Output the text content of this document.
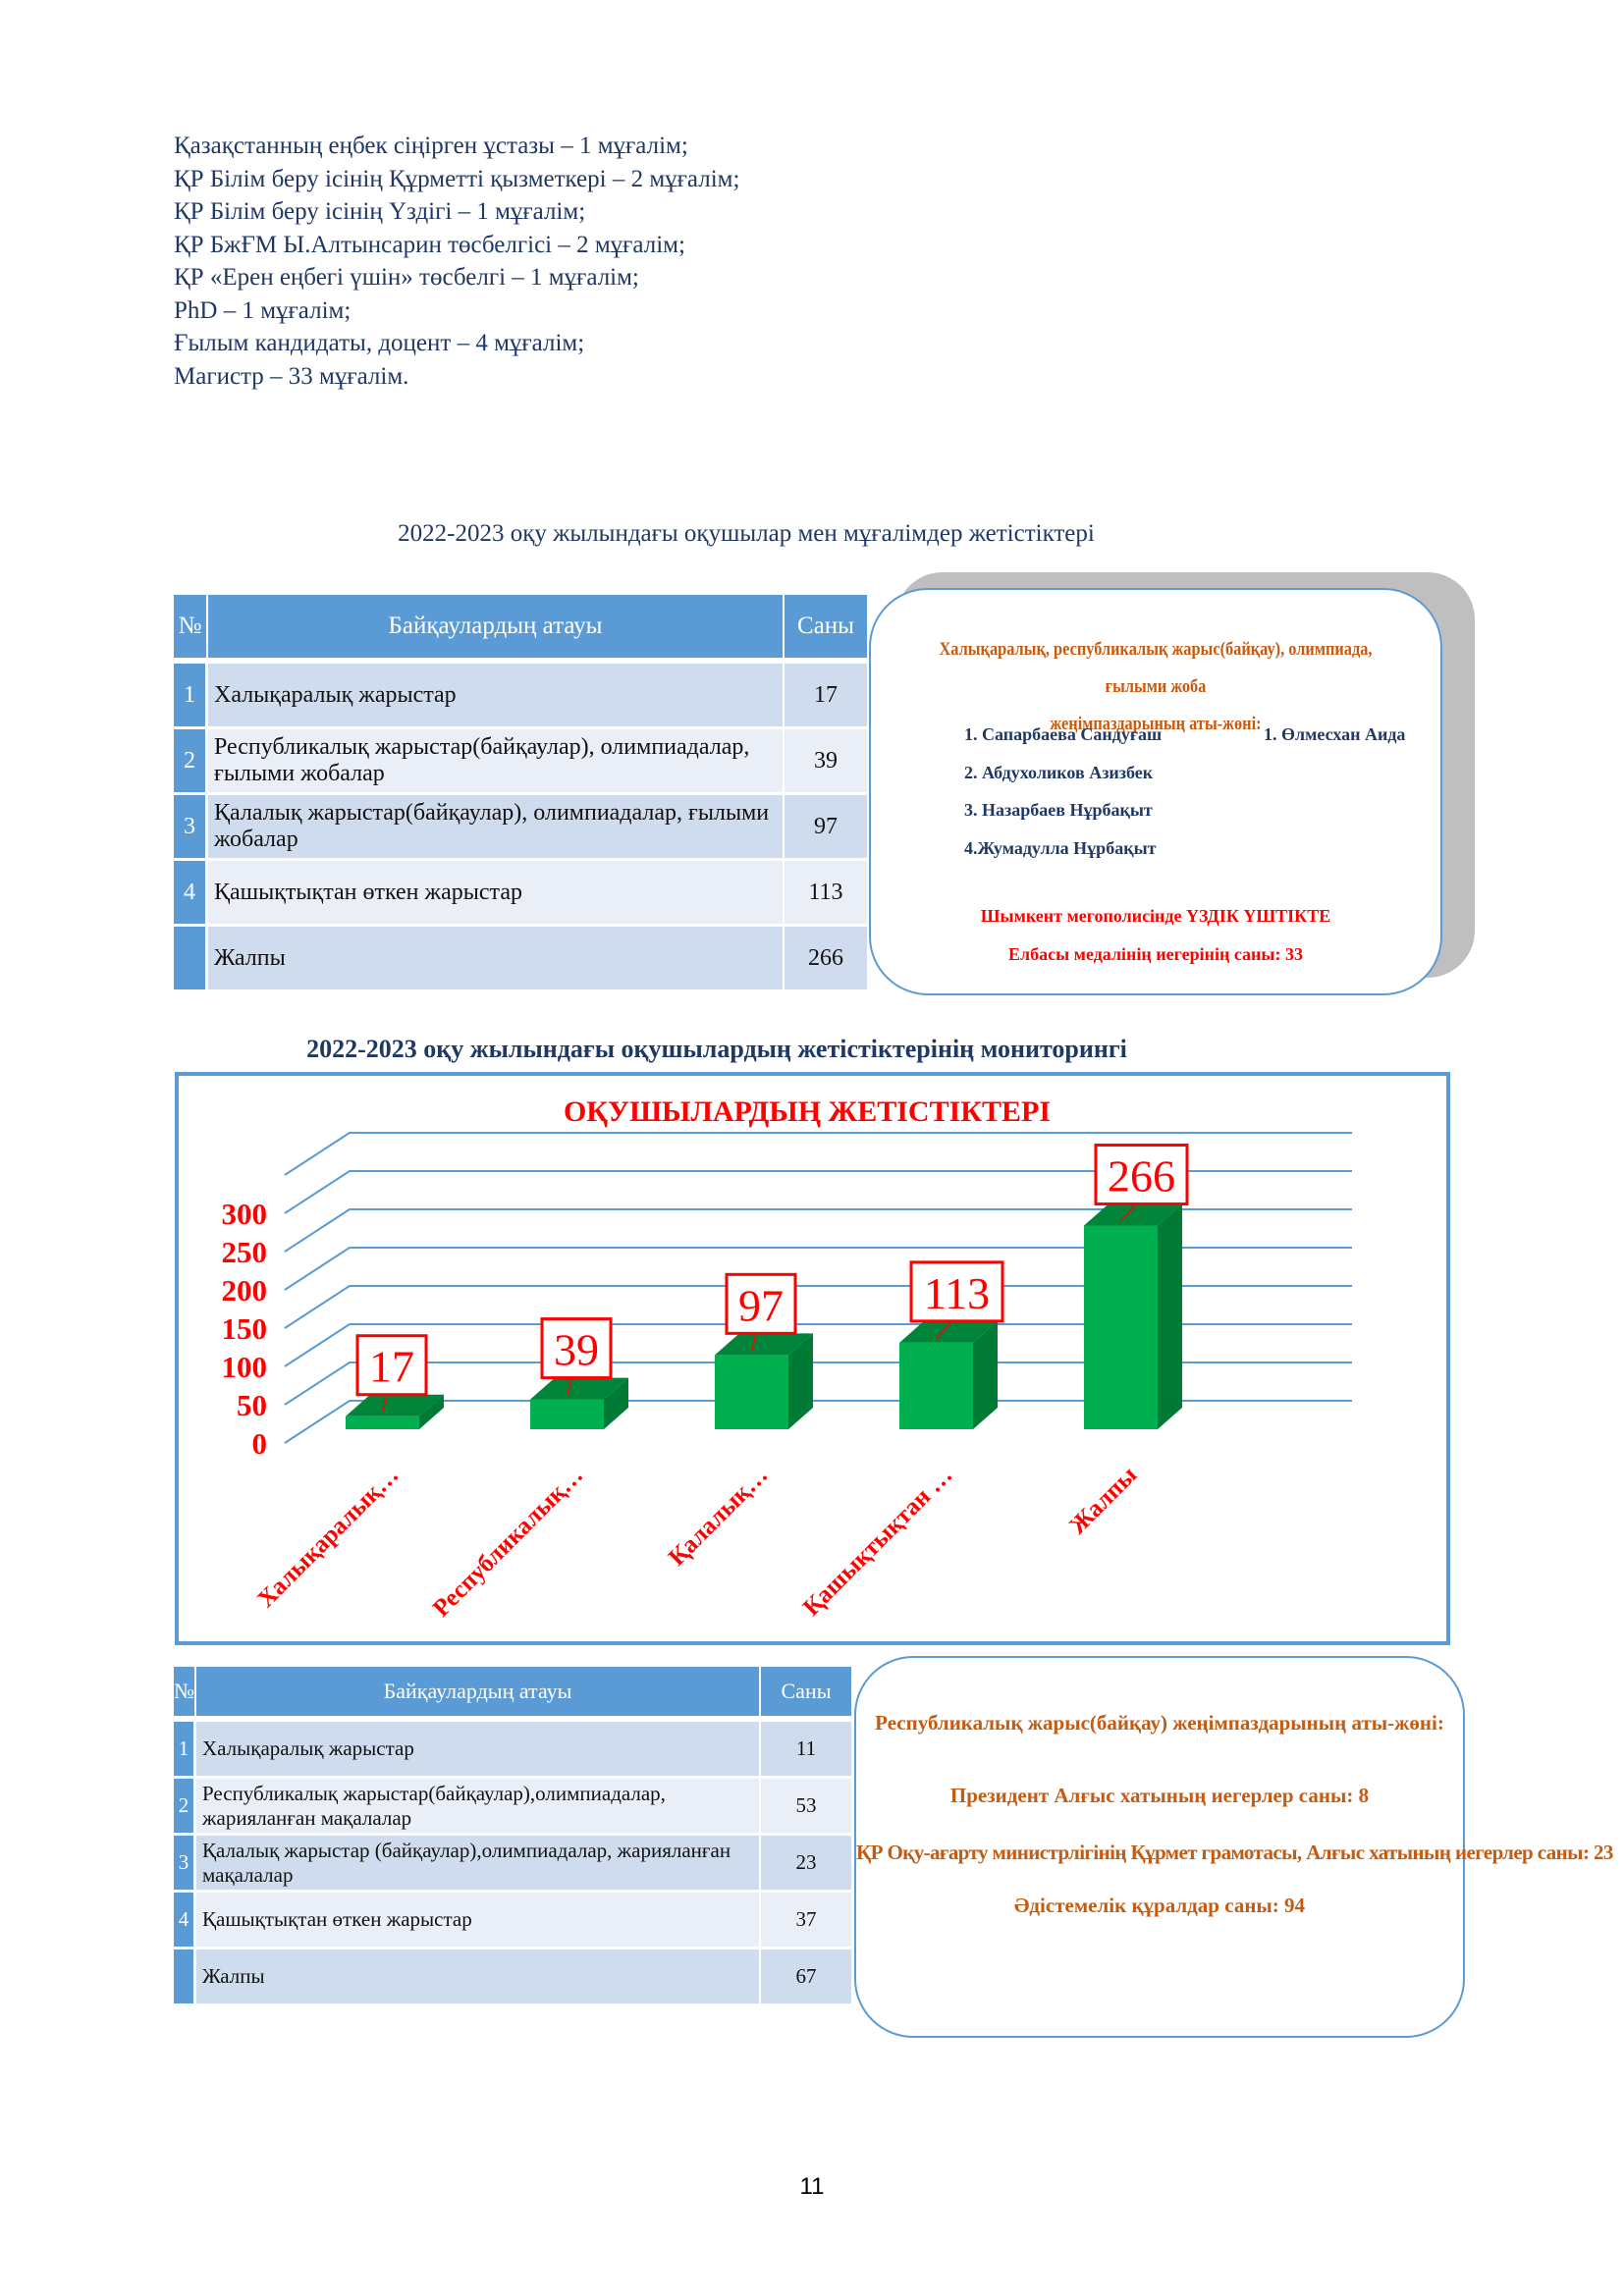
Қазақстанның еңбек сіңірген ұстазы – 1 мұғалім;
ҚР Білім беру ісінің Құрметті қызметкері – 2 мұғалім;
ҚР Білім беру ісінің Үздігі – 1 мұғалім;
ҚР БжҒМ Ы.Алтынсарин төсбелгісі – 2 мұғалім;
ҚР «Ерен еңбегі үшін» төсбелгі – 1 мұғалім;
PhD – 1 мұғалім;
Ғылым кандидаты, доцент – 4 мұғалім;
Магистр – 33 мұғалім.
2022-2023 оқу жылындағы оқушылар мен мұғалімдер жетістіктері
№	Байқаулардың атауы	Саны
1	Халықаралық жарыстар	17
2	Республикалық жарыстар(байқаулар), олимпиадалар, ғылыми жобалар	39
3	Қалалық жарыстар(байқаулар), олимпиадалар, ғылыми жобалар	97
4	Қашықтықтан өткен жарыстар	113
	Жалпы	266
Халықаралық, республикалық жарыс(байқау), олимпиада, ғылыми жоба
жеңімпаздарының аты-жөні:
1. Сапарбаева Сандуғаш
2. Абдухоликов Азизбек
3. Назарбаев Нұрбақыт
4.Жумадулла Нұрбақыт
1. Өлмесхан Аида
Шымкент мегополисінде ҮЗДІК ҮШТІКТЕ
Елбасы медалінің иегерінің саны: 33
2022-2023 оқу жылындағы оқушылардың жетістіктерінің мониторингі
ОҚУШЫЛАРДЫҢ ЖЕТІСТІКТЕРІ
0
50
100
150
200
250
300
17	39
97	113
266
Халықаралық… Республикалық…	Қалалық… Қашықтықтан …	Жалпы
№	Байқаулардың атауы	Саны
1	Халықаралық жарыстар	11
2	Республикалық жарыстар(байқаулар),олимпиадалар, жарияланған мақалалар	53
3	Қалалық жарыстар (байқаулар),олимпиадалар, жарияланған мақалалар	23
4	Қашықтықтан өткен жарыстар	37
	Жалпы	67
Республикалық жарыс(байқау) жеңімпаздарының аты-жөні:
Президент Алғыс хатының иегерлер саны: 8
ҚР Оқу-ағарту министрлігінің Құрмет грамотасы, Алғыс хатының иегерлер саны: 23
Әдістемелік құралдар саны: 94
11
